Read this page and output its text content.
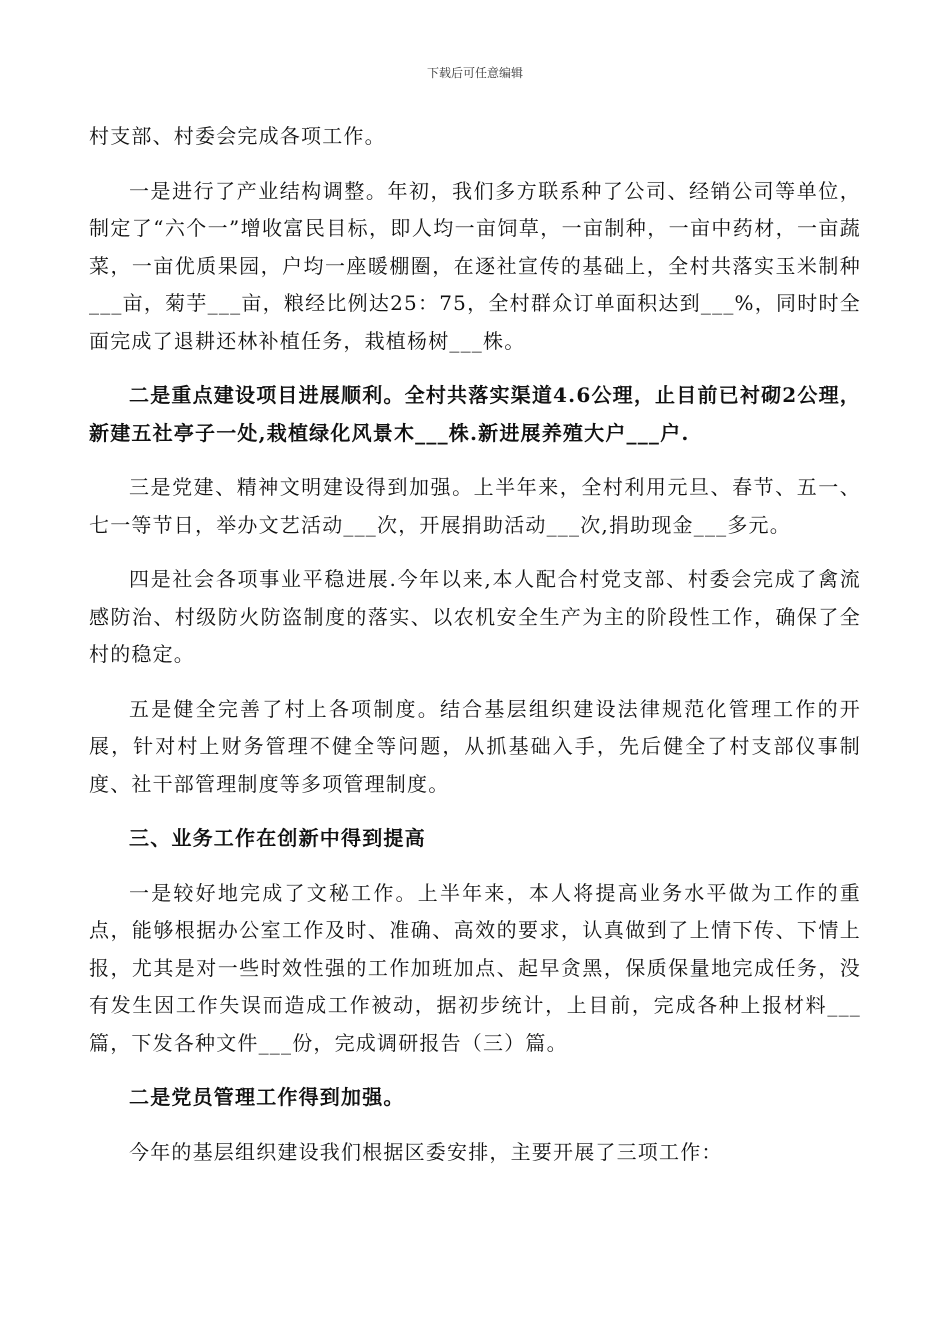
下载后可任意编辑

村支部、村委会完成各项工作。

一是进行了产业结构调整。年初，我们多方联系种了公司、经销公司等单位，制定了“六个一”增收富民目标，即人均一亩饲草，一亩制种，一亩中药材，一亩蔬菜，一亩优质果园，户均一座暖棚圈，在逐社宣传的基础上，全村共落实玉米制种___亩，菊芋___亩，粮经比例达25：75，全村群众订单面积达到___%，同时时全面完成了退耕还林补植任务，栽植杨树___株。

二是重点建设项目进展顺利。全村共落实渠道4.6公理，止目前已衬砌2公理，新建五社亭子一处,栽植绿化风景木___株.新进展养殖大户___户.

三是党建、精神文明建设得到加强。上半年来，全村利用元旦、春节、五一、七一等节日，举办文艺活动___次，开展捐助活动___次,捐助现金___多元。

四是社会各项事业平稳进展.今年以来,本人配合村党支部、村委会完成了禽流感防治、村级防火防盗制度的落实、以农机安全生产为主的阶段性工作，确保了全村的稳定。

五是健全完善了村上各项制度。结合基层组织建设法律规范化管理工作的开展，针对村上财务管理不健全等问题，从抓基础入手，先后健全了村支部仪事制度、社干部管理制度等多项管理制度。

三、业务工作在创新中得到提高

一是较好地完成了文秘工作。上半年来，本人将提高业务水平做为工作的重点，能够根据办公室工作及时、准确、高效的要求，认真做到了上情下传、下情上报，尤其是对一些时效性强的工作加班加点、起早贪黑，保质保量地完成任务，没有发生因工作失误而造成工作被动，据初步统计，上目前，完成各种上报材料___篇，下发各种文件___份，完成调研报告（三）篇。

二是党员管理工作得到加强。

今年的基层组织建设我们根据区委安排，主要开展了三项工作：
